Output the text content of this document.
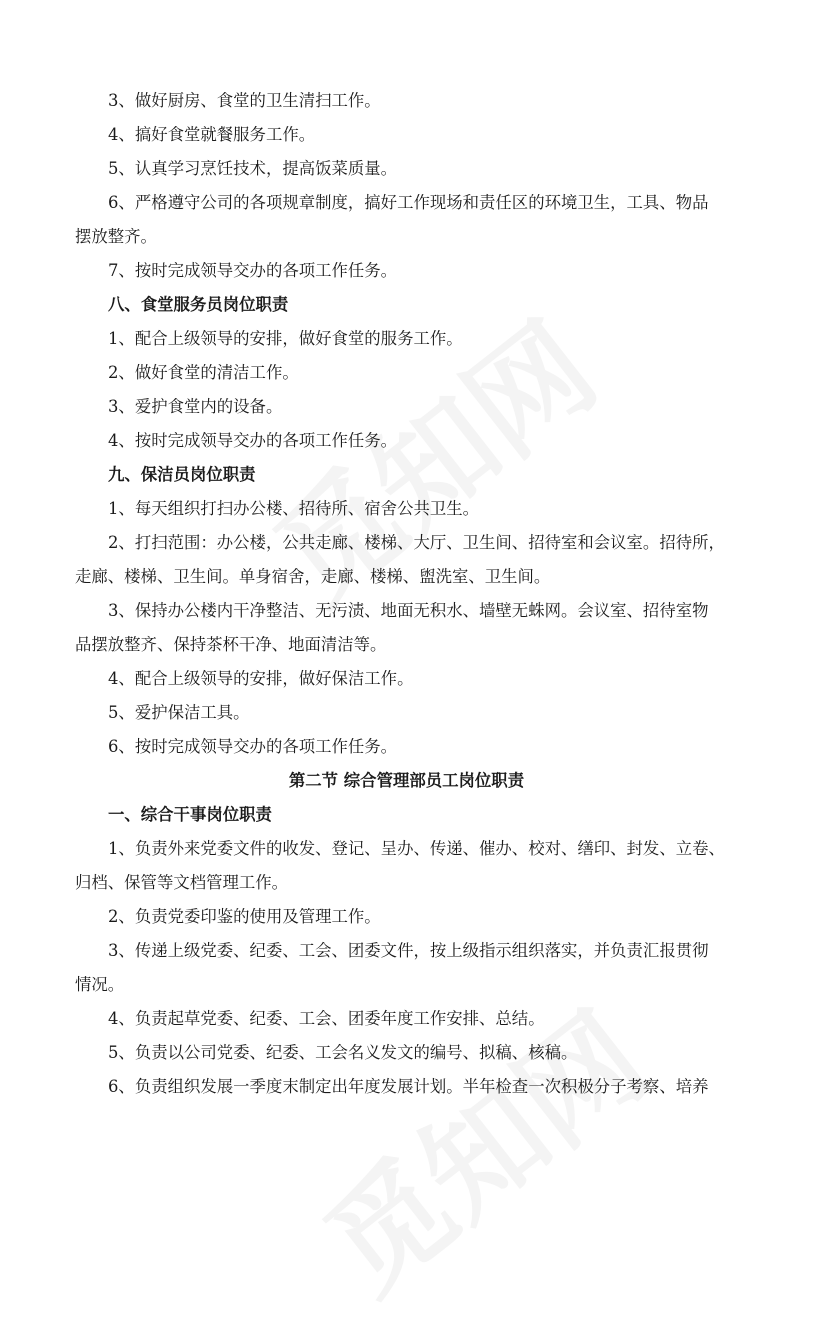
3、做好厨房、食堂的卫生清扫工作。
4、搞好食堂就餐服务工作。
5、认真学习烹饪技术，提高饭菜质量。
6、严格遵守公司的各项规章制度，搞好工作现场和责任区的环境卫生，工具、物品
摆放整齐。
7、按时完成领导交办的各项工作任务。
八、食堂服务员岗位职责
1、配合上级领导的安排，做好食堂的服务工作。
2、做好食堂的清洁工作。
3、爱护食堂内的设备。
4、按时完成领导交办的各项工作任务。
九、保洁员岗位职责
1、每天组织打扫办公楼、招待所、宿舍公共卫生。
2、打扫范围：办公楼，公共走廊、楼梯、大厅、卫生间、招待室和会议室。招待所，
走廊、楼梯、卫生间。单身宿舍，走廊、楼梯、盥洗室、卫生间。
3、保持办公楼内干净整洁、无污渍、地面无积水、墙壁无蛛网。会议室、招待室物
品摆放整齐、保持茶杯干净、地面清洁等。
4、配合上级领导的安排，做好保洁工作。
5、爱护保洁工具。
6、按时完成领导交办的各项工作任务。
第二节 综合管理部员工岗位职责
一、综合干事岗位职责
1、负责外来党委文件的收发、登记、呈办、传递、催办、校对、缮印、封发、立卷、
归档、保管等文档管理工作。
2、负责党委印鉴的使用及管理工作。
3、传递上级党委、纪委、工会、团委文件，按上级指示组织落实，并负责汇报贯彻
情况。
4、负责起草党委、纪委、工会、团委年度工作安排、总结。
5、负责以公司党委、纪委、工会名义发文的编号、拟稿、核稿。
6、负责组织发展一季度末制定出年度发展计划。半年检查一次积极分子考察、培养
